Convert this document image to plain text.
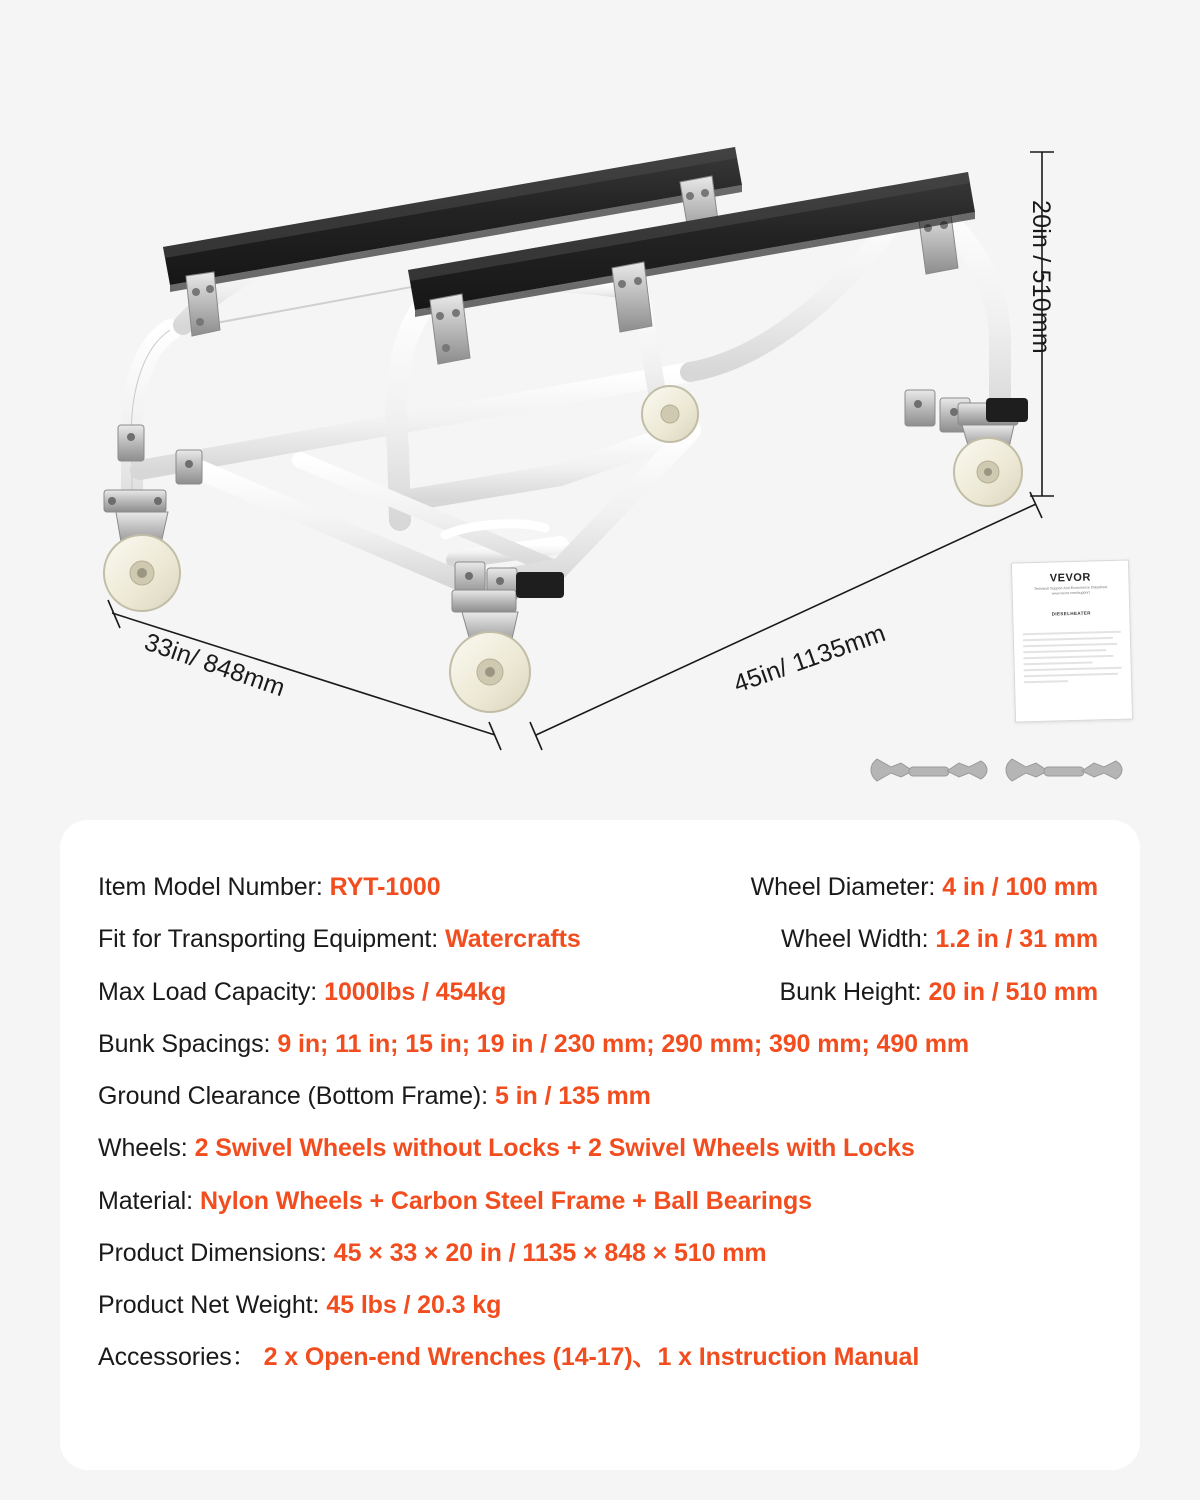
20in / 510mm
33in/ 848mm	45in/ 1135mm
VEVOR
Technical Support And Ecommerce Datasheet www.vevor.com/support
DIESELHEATER
Item Model Number: RYT-1000	Wheel Diameter: 4 in / 100 mm
Fit for Transporting Equipment: Watercrafts	Wheel Width: 1.2 in / 31 mm
Max Load Capacity: 1000lbs / 454kg	Bunk Height: 20 in / 510 mm
Bunk Spacings: 9 in; 11 in; 15 in; 19 in / 230 mm; 290 mm; 390 mm; 490 mm
Ground Clearance (Bottom Frame): 5 in / 135 mm
Wheels: 2 Swivel Wheels without Locks + 2 Swivel Wheels with Locks
Material: Nylon Wheels + Carbon Steel Frame + Ball Bearings
Product Dimensions: 45 × 33 × 20 in / 1135 × 848 × 510 mm
Product Net Weight: 45 lbs / 20.3 kg
Accessories： 2 x Open-end Wrenches (14-17)、1 x Instruction Manual
